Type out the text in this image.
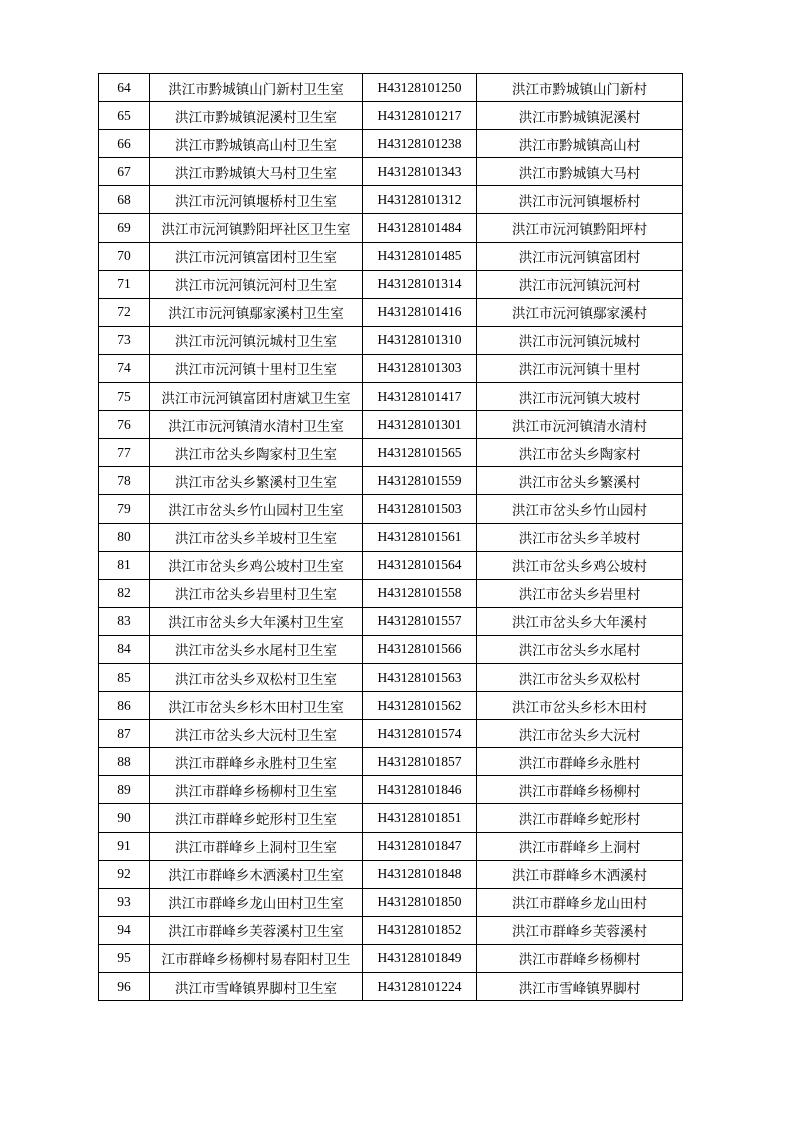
64	洪江市黔城镇山门新村卫生室	H43128101250	洪江市黔城镇山门新村
65	洪江市黔城镇泥溪村卫生室	H43128101217	洪江市黔城镇泥溪村
66	洪江市黔城镇高山村卫生室	H43128101238	洪江市黔城镇高山村
67	洪江市黔城镇大马村卫生室	H43128101343	洪江市黔城镇大马村
68	洪江市沅河镇堰桥村卫生室	H43128101312	洪江市沅河镇堰桥村
69	洪江市沅河镇黔阳坪社区卫生室	H43128101484	洪江市沅河镇黔阳坪村
70	洪江市沅河镇富团村卫生室	H43128101485	洪江市沅河镇富团村
71	洪江市沅河镇沅河村卫生室	H43128101314	洪江市沅河镇沅河村
72	洪江市沅河镇鄢家溪村卫生室	H43128101416	洪江市沅河镇鄢家溪村
73	洪江市沅河镇沅城村卫生室	H43128101310	洪江市沅河镇沅城村
74	洪江市沅河镇十里村卫生室	H43128101303	洪江市沅河镇十里村
75	洪江市沅河镇富团村唐斌卫生室	H43128101417	洪江市沅河镇大坡村
76	洪江市沅河镇清水清村卫生室	H43128101301	洪江市沅河镇清水清村
77	洪江市岔头乡陶家村卫生室	H43128101565	洪江市岔头乡陶家村
78	洪江市岔头乡繁溪村卫生室	H43128101559	洪江市岔头乡繁溪村
79	洪江市岔头乡竹山园村卫生室	H43128101503	洪江市岔头乡竹山园村
80	洪江市岔头乡羊坡村卫生室	H43128101561	洪江市岔头乡羊坡村
81	洪江市岔头乡鸡公坡村卫生室	H43128101564	洪江市岔头乡鸡公坡村
82	洪江市岔头乡岩里村卫生室	H43128101558	洪江市岔头乡岩里村
83	洪江市岔头乡大年溪村卫生室	H43128101557	洪江市岔头乡大年溪村
84	洪江市岔头乡水尾村卫生室	H43128101566	洪江市岔头乡水尾村
85	洪江市岔头乡双松村卫生室	H43128101563	洪江市岔头乡双松村
86	洪江市岔头乡杉木田村卫生室	H43128101562	洪江市岔头乡杉木田村
87	洪江市岔头乡大沅村卫生室	H43128101574	洪江市岔头乡大沅村
88	洪江市群峰乡永胜村卫生室	H43128101857	洪江市群峰乡永胜村
89	洪江市群峰乡杨柳村卫生室	H43128101846	洪江市群峰乡杨柳村
90	洪江市群峰乡蛇形村卫生室	H43128101851	洪江市群峰乡蛇形村
91	洪江市群峰乡上洞村卫生室	H43128101847	洪江市群峰乡上洞村
92	洪江市群峰乡木洒溪村卫生室	H43128101848	洪江市群峰乡木洒溪村
93	洪江市群峰乡龙山田村卫生室	H43128101850	洪江市群峰乡龙山田村
94	洪江市群峰乡芙蓉溪村卫生室	H43128101852	洪江市群峰乡芙蓉溪村
95	江市群峰乡杨柳村易春阳村卫生	H43128101849	洪江市群峰乡杨柳村
96	洪江市雪峰镇界脚村卫生室	H43128101224	洪江市雪峰镇界脚村
